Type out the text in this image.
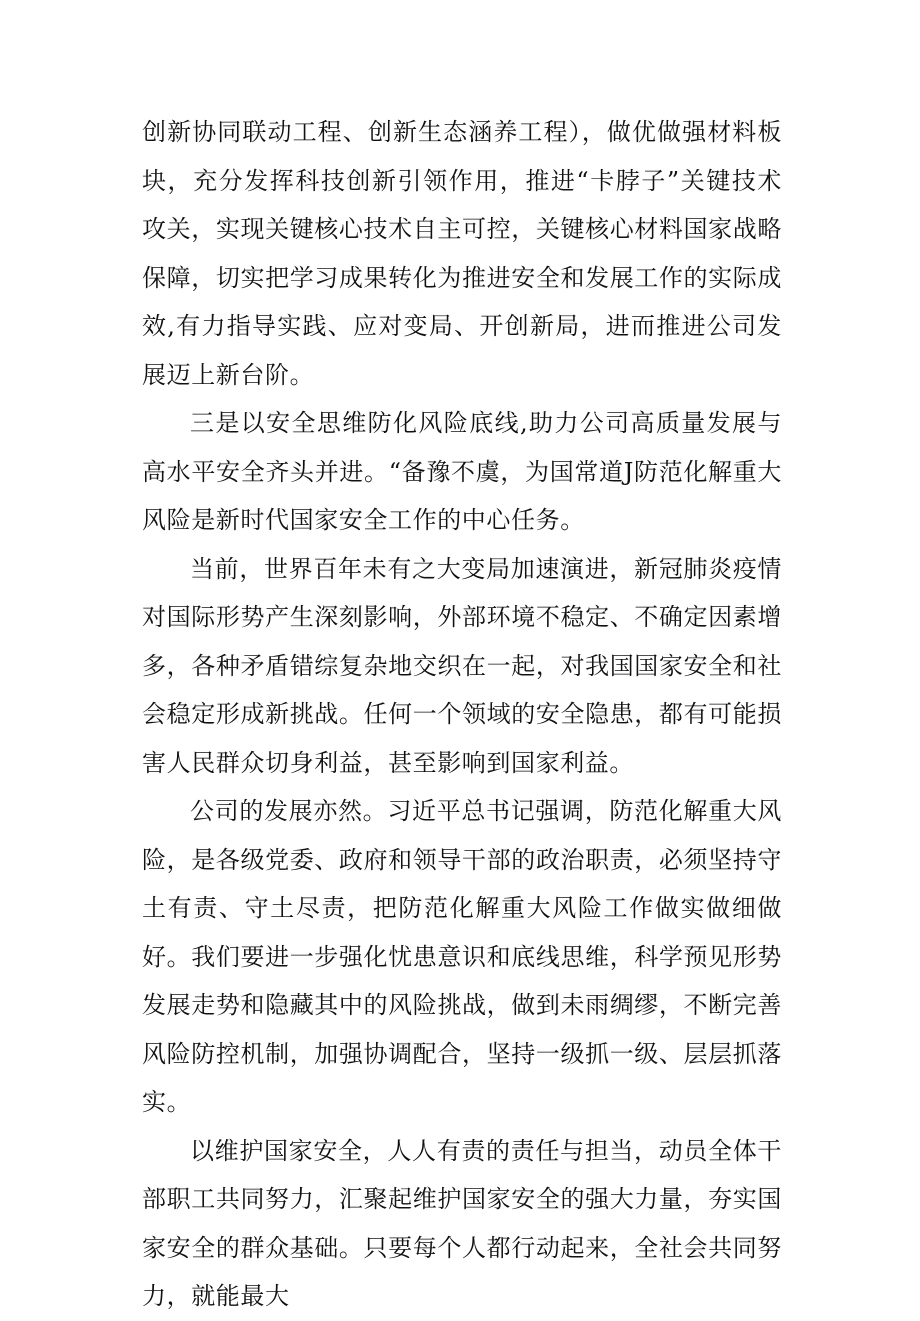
创新协同联动工程、创新生态涵养工程），做优做强材料板块，充分发挥科技创新引领作用，推进“卡脖子”关键技术攻关，实现关键核心技术自主可控，关键核心材料国家战略保障，切实把学习成果转化为推进安全和发展工作的实际成效,有力指导实践、应对变局、开创新局，进而推进公司发展迈上新台阶。

三是以安全思维防化风险底线,助力公司高质量发展与高水平安全齐头并进。“备豫不虞，为国常道J防范化解重大风险是新时代国家安全工作的中心任务。

当前，世界百年未有之大变局加速演进，新冠肺炎疫情对国际形势产生深刻影响，外部环境不稳定、不确定因素增多，各种矛盾错综复杂地交织在一起，对我国国家安全和社会稳定形成新挑战。任何一个领域的安全隐患，都有可能损害人民群众切身利益，甚至影响到国家利益。

公司的发展亦然。习近平总书记强调，防范化解重大风险，是各级党委、政府和领导干部的政治职责，必须坚持守土有责、守土尽责，把防范化解重大风险工作做实做细做好。我们要进一步强化忧患意识和底线思维，科学预见形势发展走势和隐藏其中的风险挑战，做到未雨绸缪，不断完善风险防控机制，加强协调配合，坚持一级抓一级、层层抓落实。

以维护国家安全，人人有责的责任与担当，动员全体干部职工共同努力，汇聚起维护国家安全的强大力量，夯实国家安全的群众基础。只要每个人都行动起来，全社会共同努力，就能最大
